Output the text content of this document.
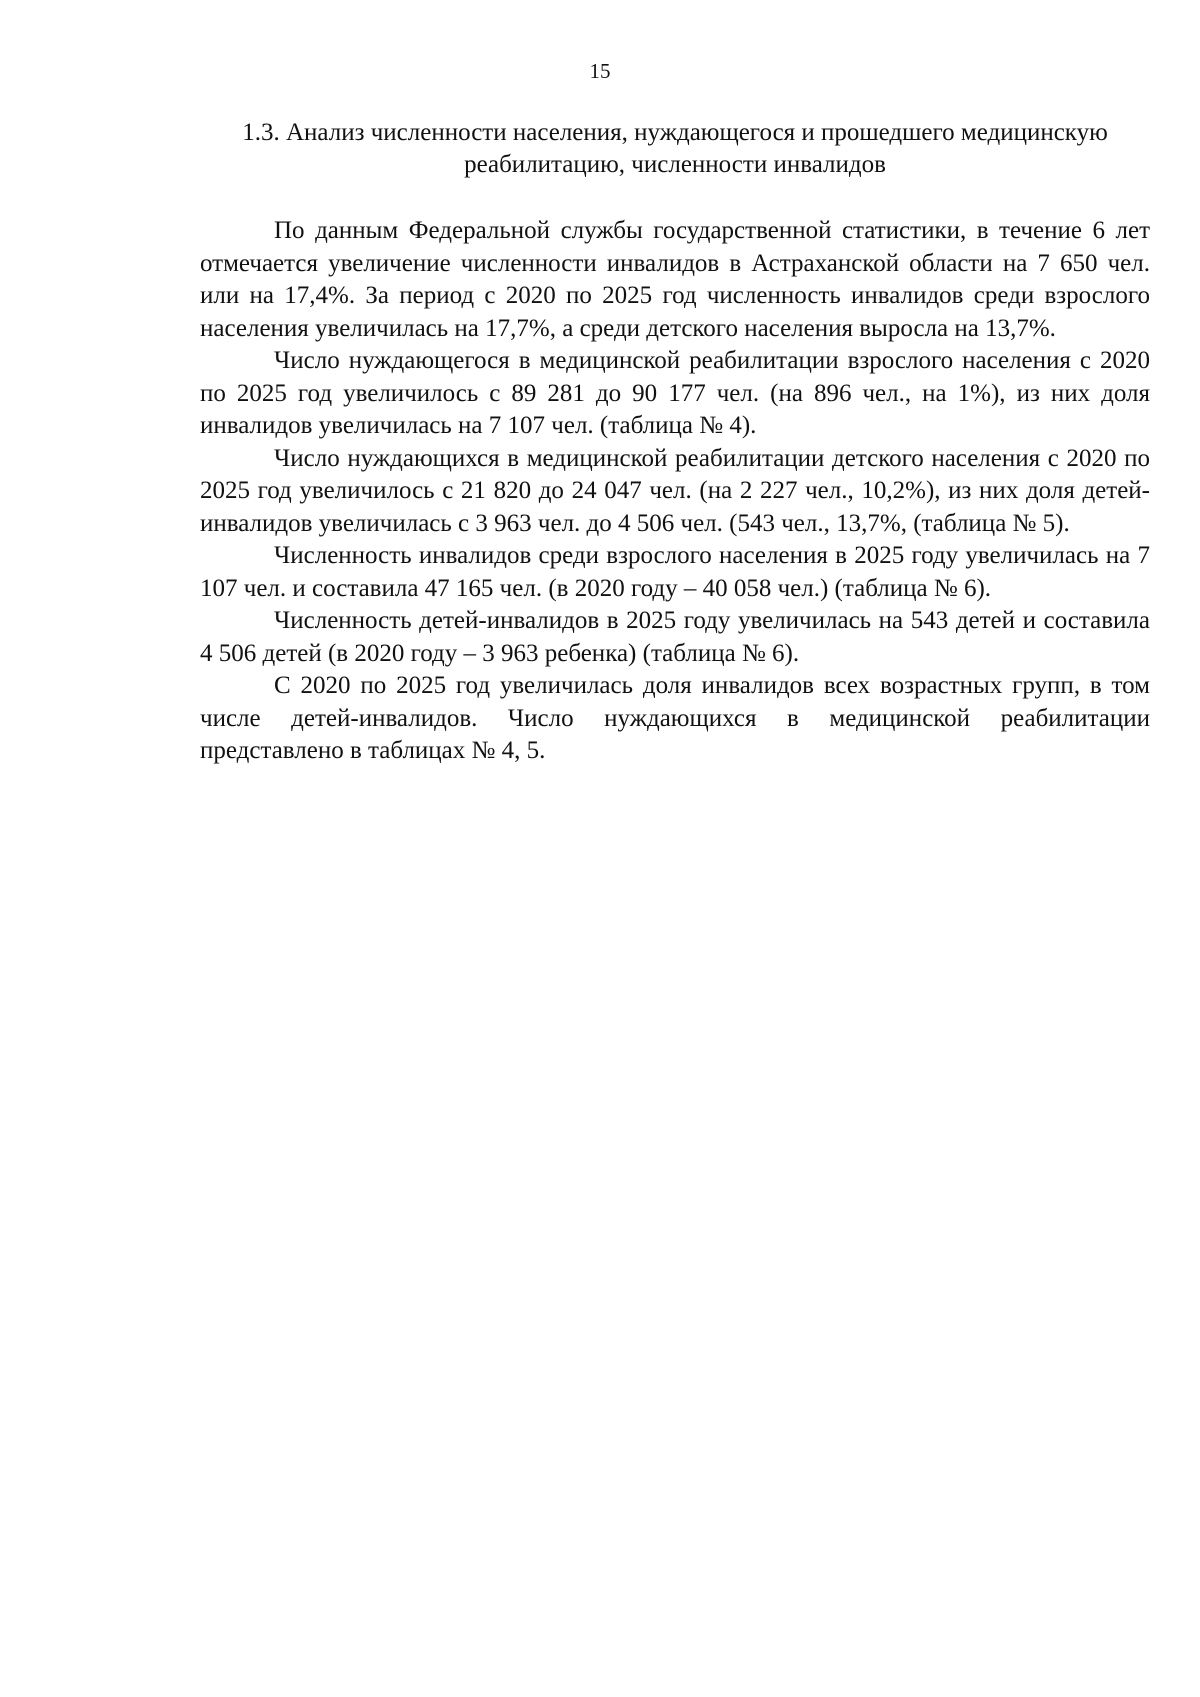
15
1.3. Анализ численности населения, нуждающегося и прошедшего медицинскую реабилитацию, численности инвалидов

По данным Федеральной службы государственной статистики, в течение 6 лет отмечается увеличение численности инвалидов в Астраханской области на 7 650 чел. или на 17,4%. За период с 2020 по 2025 год численность инвалидов среди взрослого населения увеличилась на 17,7%, а среди детского населения выросла на 13,7%.

Число нуждающегося в медицинской реабилитации взрослого населения с 2020 по 2025 год увеличилось с 89 281 до 90 177 чел. (на 896 чел., на 1%), из них доля инвалидов увеличилась на 7 107 чел. (таблица № 4).

Число нуждающихся в медицинской реабилитации детского населения с 2020 по 2025 год увеличилось с 21 820 до 24 047 чел. (на 2 227 чел., 10,2%), из них доля детей-инвалидов увеличилась с 3 963 чел. до 4 506 чел. (543 чел., 13,7%, (таблица № 5).

Численность инвалидов среди взрослого населения в 2025 году увеличилась на 7 107 чел. и составила 47 165 чел. (в 2020 году – 40 058 чел.) (таблица № 6).

Численность детей-инвалидов в 2025 году увеличилась на 543 детей и составила 4 506 детей (в 2020 году – 3 963 ребенка) (таблица № 6).

С 2020 по 2025 год увеличилась доля инвалидов всех возрастных групп, в том числе детей-инвалидов. Число нуждающихся в медицинской реабилитации представлено в таблицах № 4, 5.
